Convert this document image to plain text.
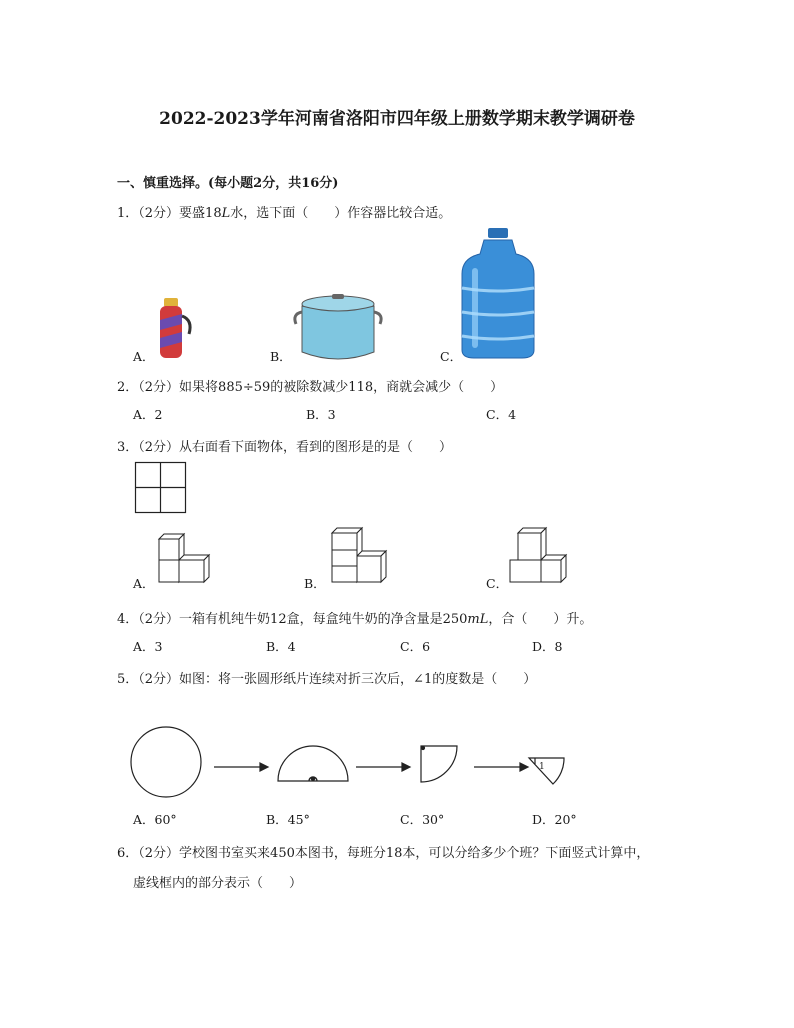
2022-2023学年河南省洛阳市四年级上册数学期末教学调研卷
一、慎重选择。(每小题2分，共16分)
1．（2分）要盛18L水，选下面（　　）作容器比较合适。
A．	B．	C．
2．（2分）如果将885÷59的被除数减少118，商就会减少（　　）
A．2	B．3	C．4
3．（2分）从右面看下面物体，看到的图形是的是（　　）
A．	B．	C．
4．（2分）一箱有机纯牛奶12盒，每盒纯牛奶的净含量是250mL，合（　　）升。
A．3	B．4	C．6	D．8
5．（2分）如图：将一张圆形纸片连续对折三次后，∠1的度数是（　　）
1
A．60°	B．45°	C．30°	D．20°
6．（2分）学校图书室买来450本图书，每班分18本，可以分给多少个班？下面竖式计算中，
虚线框内的部分表示（　　）
